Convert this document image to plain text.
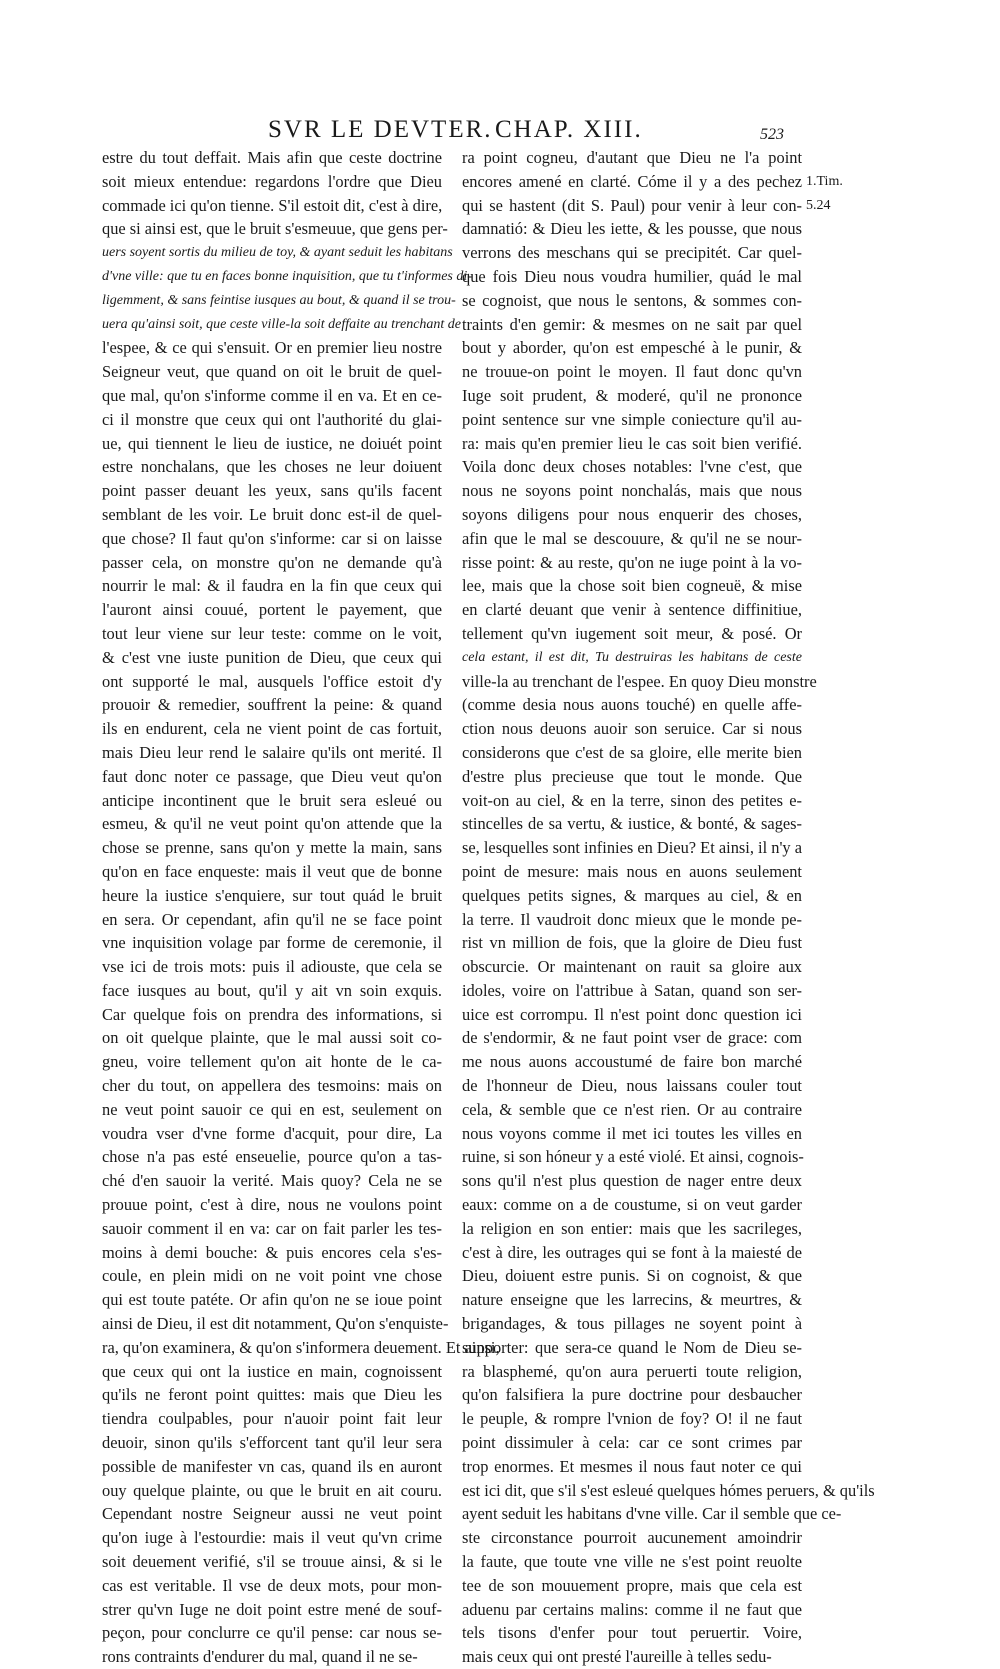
SVR LE DEVTER. CHAP. XIII.	523
estre du tout deffait. Mais afin que ceste doctrine
soit mieux entendue: regardons l'ordre que Dieu
commade ici qu'on tienne. S'il estoit dit, c'est à dire,
que si ainsi est, que le bruit s'esmeuue, que gens per-
uers soyent sortis du milieu de toy, & ayant seduit les habitans
d'vne ville: que tu en faces bonne inquisition, que tu t'informes di-
ligemment, & sans feintise iusques au bout, & quand il se trou-
uera qu'ainsi soit, que ceste ville-la soit deffaite au trenchant de
l'espee, & ce qui s'ensuit. Or en premier lieu nostre
Seigneur veut, que quand on oit le bruit de quel-
que mal, qu'on s'informe comme il en va. Et en ce-
ci il monstre que ceux qui ont l'authorité du glai-
ue, qui tiennent le lieu de iustice, ne doiuét point
estre nonchalans, que les choses ne leur doiuent
point passer deuant les yeux, sans qu'ils facent
semblant de les voir. Le bruit donc est-il de quel-
que chose? Il faut qu'on s'informe: car si on laisse
passer cela, on monstre qu'on ne demande qu'à
nourrir le mal: & il faudra en la fin que ceux qui
l'auront ainsi couué, portent le payement, que
tout leur viene sur leur teste: comme on le voit,
& c'est vne iuste punition de Dieu, que ceux qui
ont supporté le mal, ausquels l'office estoit d'y
prouoir & remedier, souffrent la peine: & quand
ils en endurent, cela ne vient point de cas fortuit,
mais Dieu leur rend le salaire qu'ils ont merité. Il
faut donc noter ce passage, que Dieu veut qu'on
anticipe incontinent que le bruit sera esleué ou
esmeu, & qu'il ne veut point qu'on attende que la
chose se prenne, sans qu'on y mette la main, sans
qu'on en face enqueste: mais il veut que de bonne
heure la iustice s'enquiere, sur tout quád le bruit
en sera. Or cependant, afin qu'il ne se face point
vne inquisition volage par forme de ceremonie, il
vse ici de trois mots: puis il adiouste, que cela se
face iusques au bout, qu'il y ait vn soin exquis.
Car quelque fois on prendra des informations, si
on oit quelque plainte, que le mal aussi soit co-
gneu, voire tellement qu'on ait honte de le ca-
cher du tout, on appellera des tesmoins: mais on
ne veut point sauoir ce qui en est, seulement on
voudra vser d'vne forme d'acquit, pour dire, La
chose n'a pas esté enseuelie, pource qu'on a tas-
ché d'en sauoir la verité. Mais quoy? Cela ne se
prouue point, c'est à dire, nous ne voulons point
sauoir comment il en va: car on fait parler les tes-
moins à demi bouche: & puis encores cela s'es-
coule, en plein midi on ne voit point vne chose
qui est toute patéte. Or afin qu'on ne se ioue point
ainsi de Dieu, il est dit notamment, Qu'on s'enquiste-
ra, qu'on examinera, & qu'on s'informera deuement. Et ainsi,
que ceux qui ont la iustice en main, cognoissent
qu'ils ne feront point quittes: mais que Dieu les
tiendra coulpables, pour n'auoir point fait leur
deuoir, sinon qu'ils s'efforcent tant qu'il leur sera
possible de manifester vn cas, quand ils en auront
ouy quelque plainte, ou que le bruit en ait couru.
Cependant nostre Seigneur aussi ne veut point
qu'on iuge à l'estourdie: mais il veut qu'vn crime
soit deuement verifié, s'il se trouue ainsi, & si le
cas est veritable. Il vse de deux mots, pour mon-
strer qu'vn Iuge ne doit point estre mené de souf-
peçon, pour conclurre ce qu'il pense: car nous se-
rons contraints d'endurer du mal, quand il ne se-
ra point cogneu, d'autant que Dieu ne l'a point
encores amené en clarté. Cóme il y a des pechez
qui se hastent (dit S. Paul) pour venir à leur con-
damnatió: & Dieu les iette, & les pousse, que nous
verrons des meschans qui se precipitét. Car quel-
que fois Dieu nous voudra humilier, quád le mal
se cognoist, que nous le sentons, & sommes con-
traints d'en gemir: & mesmes on ne sait par quel
bout y aborder, qu'on est empesché à le punir, &
ne trouue-on point le moyen. Il faut donc qu'vn
Iuge soit prudent, & moderé, qu'il ne prononce
point sentence sur vne simple coniecture qu'il au-
ra: mais qu'en premier lieu le cas soit bien verifié.
Voila donc deux choses notables: l'vne c'est, que
nous ne soyons point nonchalás, mais que nous
soyons diligens pour nous enquerir des choses,
afin que le mal se descouure, & qu'il ne se nour-
risse point: & au reste, qu'on ne iuge point à la vo-
lee, mais que la chose soit bien cogneuë, & mise
en clarté deuant que venir à sentence diffinitiue,
tellement qu'vn iugement soit meur, & posé. Or
cela estant, il est dit, Tu destruiras les habitans de ceste
ville-la au trenchant de l'espee. En quoy Dieu monstre
(comme desia nous auons touché) en quelle affe-
ction nous deuons auoir son seruice. Car si nous
considerons que c'est de sa gloire, elle merite bien
d'estre plus precieuse que tout le monde. Que
voit-on au ciel, & en la terre, sinon des petites e-
stincelles de sa vertu, & iustice, & bonté, & sages-
se, lesquelles sont infinies en Dieu? Et ainsi, il n'y a
point de mesure: mais nous en auons seulement
quelques petits signes, & marques au ciel, & en
la terre. Il vaudroit donc mieux que le monde pe-
rist vn million de fois, que la gloire de Dieu fust
obscurcie. Or maintenant on rauit sa gloire aux
idoles, voire on l'attribue à Satan, quand son ser-
uice est corrompu. Il n'est point donc question ici
de s'endormir, & ne faut point vser de grace: com
me nous auons accoustumé de faire bon marché
de l'honneur de Dieu, nous laissans couler tout
cela, & semble que ce n'est rien. Or au contraire
nous voyons comme il met ici toutes les villes en
ruine, si son hóneur y a esté violé. Et ainsi, cognois-
sons qu'il n'est plus question de nager entre deux
eaux: comme on a de coustume, si on veut garder
la religion en son entier: mais que les sacrileges,
c'est à dire, les outrages qui se font à la maiesté de
Dieu, doiuent estre punis. Si on cognoist, & que
nature enseigne que les larrecins, & meurtres, &
brigandages, & tous pillages ne soyent point à
supporter: que sera-ce quand le Nom de Dieu se-
ra blasphemé, qu'on aura peruerti toute religion,
qu'on falsifiera la pure doctrine pour desbaucher
le peuple, & rompre l'vnion de foy? O! il ne faut
point dissimuler à cela: car ce sont crimes par
trop enormes. Et mesmes il nous faut noter ce qui
est ici dit, que s'il s'est esleué quelques hómes peruers, & qu'ils
ayent seduit les habitans d'vne ville. Car il semble que ce-
ste circonstance pourroit aucunement amoindrir
la faute, que toute vne ville ne s'est point reuolte
tee de son mouuement propre, mais que cela est
aduenu par certains malins: comme il ne faut que
tels tisons d'enfer pour tout peruertir. Voire,
mais ceux qui ont presté l'aureille à telles sedu-
1.Tim.
5.24
